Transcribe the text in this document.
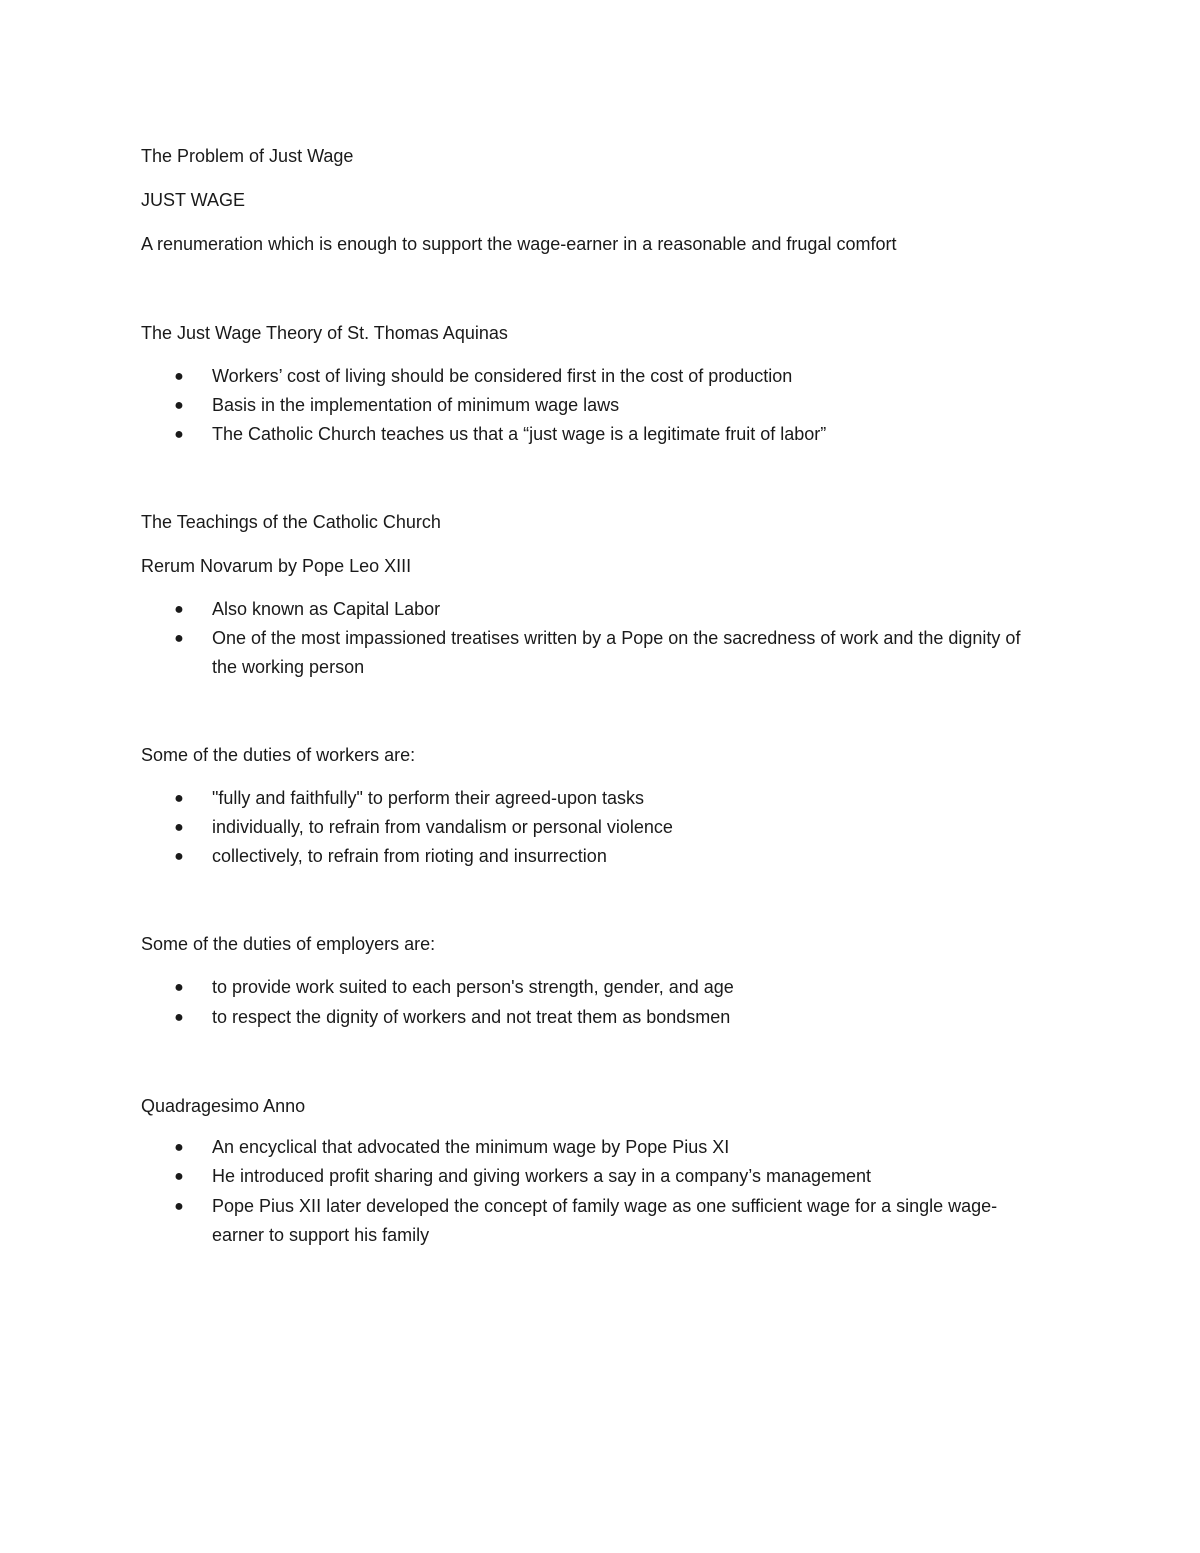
The Problem of Just Wage
JUST WAGE
A renumeration which is enough to support the wage-earner in a reasonable and frugal comfort
The Just Wage Theory of St. Thomas Aquinas
● Workers’ cost of living should be considered first in the cost of production
● Basis in the implementation of minimum wage laws
● The Catholic Church teaches us that a “just wage is a legitimate fruit of labor”
The Teachings of the Catholic Church
Rerum Novarum by Pope Leo XIII
● Also known as Capital Labor
● One of the most impassioned treatises written by a Pope on the sacredness of work and the dignity of the working person
Some of the duties of workers are:
● "fully and faithfully" to perform their agreed-upon tasks
● individually, to refrain from vandalism or personal violence
● collectively, to refrain from rioting and insurrection
Some of the duties of employers are:
● to provide work suited to each person's strength, gender, and age
● to respect the dignity of workers and not treat them as bondsmen
Quadragesimo Anno
● An encyclical that advocated the minimum wage by Pope Pius XI
● He introduced profit sharing and giving workers a say in a company’s management
● Pope Pius XII later developed the concept of family wage as one sufficient wage for a single wage-earner to support his family
